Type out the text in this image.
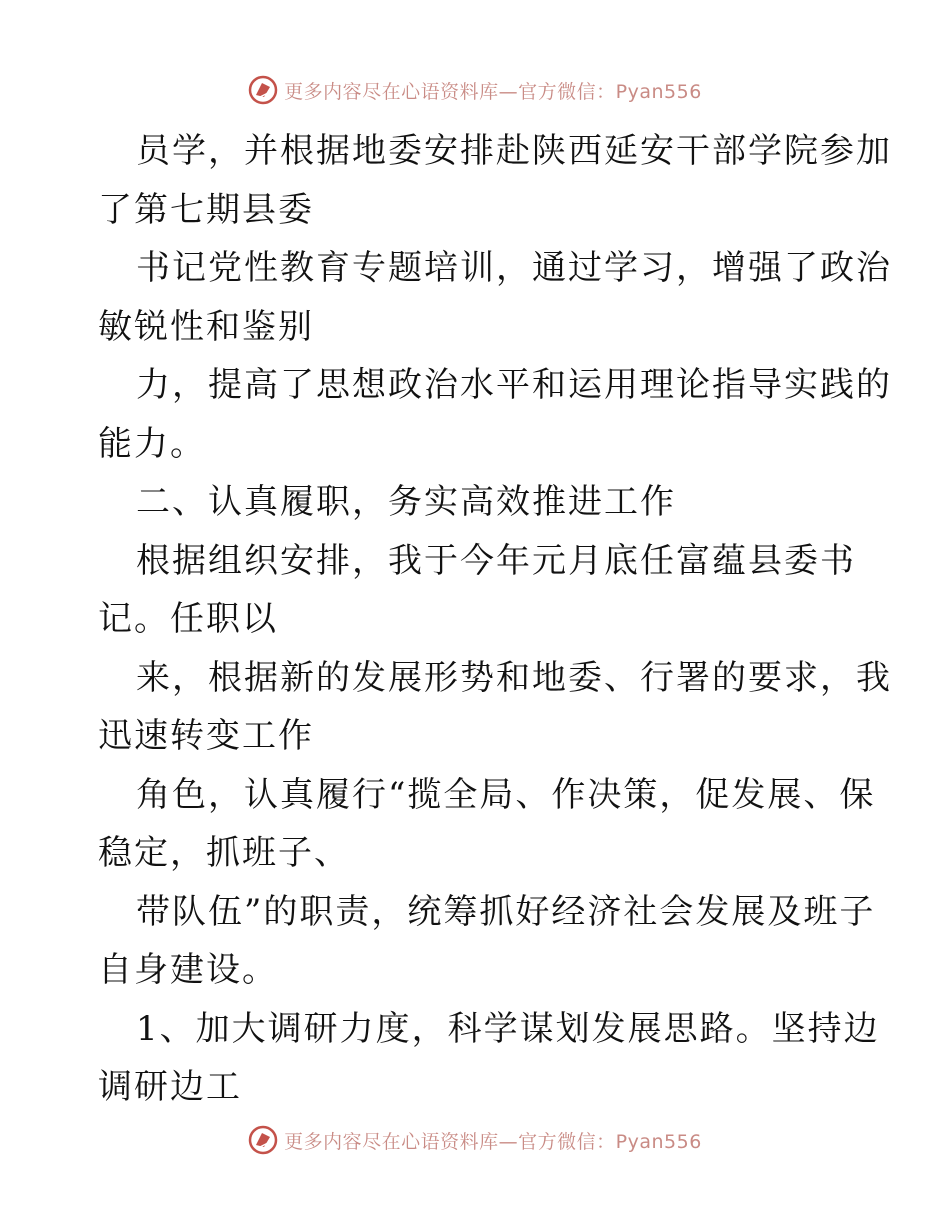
更多内容尽在心语资料库—官方微信：Pyan556
员学，并根据地委安排赴陕西延安干部学院参加
了第七期县委
书记党性教育专题培训，通过学习，增强了政治
敏锐性和鉴别
力，提高了思想政治水平和运用理论指导实践的
能力。
二、认真履职，务实高效推进工作
根据组织安排，我于今年元月底任富蕴县委书
记。任职以
来，根据新的发展形势和地委、行署的要求，我
迅速转变工作
角色，认真履行“揽全局、作决策，促发展、保
稳定，抓班子、
带队伍”的职责，统筹抓好经济社会发展及班子
自身建设。
1、加大调研力度，科学谋划发展思路。坚持边
调研边工
更多内容尽在心语资料库—官方微信：Pyan556
